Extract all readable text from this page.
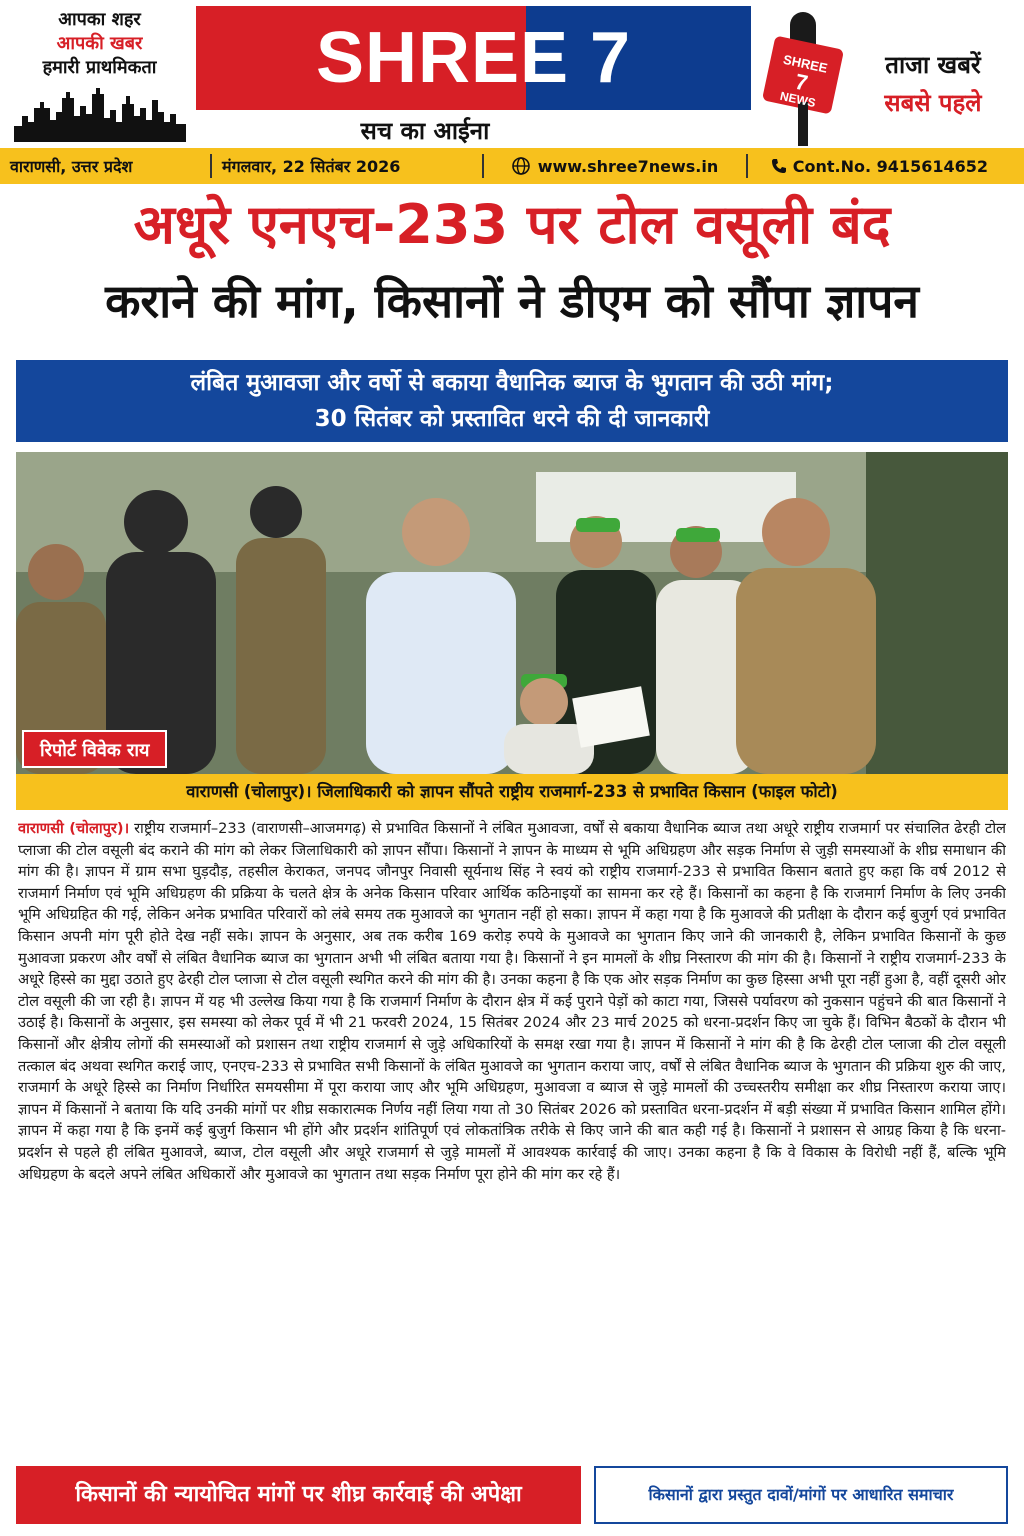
आपका शहर
आपकी खबर
हमारी प्राथमिकता	SHREE 7
सच का आईना
SHREE
7
NEWS
ताजा खबरें
सबसे पहले
वाराणसी, उत्तर प्रदेश	मंगलवार, 22 सितंबर 2026	www.shree7news.in	Cont.No. 9415614652
अधूरे एनएच-233 पर टोल वसूली बंद
कराने की मांग, किसानों ने डीएम को सौंपा ज्ञापन
लंबित मुआवजा और वर्षो से बकाया वैधानिक ब्याज के भुगतान की उठी मांग;
30 सितंबर को प्रस्तावित धरने की दी जानकारी
रिपोर्ट विवेक राय
वाराणसी (चोलापुर)। जिलाधिकारी को ज्ञापन सौंपते राष्ट्रीय राजमार्ग-233 से प्रभावित किसान (फाइल फोटो)
वाराणसी (चोलापुर)। राष्ट्रीय राजमार्ग–233 (वाराणसी–आजमगढ़) से प्रभावित किसानों ने लंबित मुआवजा, वर्षों से बकाया वैधानिक ब्याज तथा अधूरे राष्ट्रीय राजमार्ग पर संचालित ढेरही टोल प्लाजा की टोल वसूली बंद कराने की मांग को लेकर जिलाधिकारी को ज्ञापन सौंपा। किसानों ने ज्ञापन के माध्यम से भूमि अधिग्रहण और सड़क निर्माण से जुड़ी समस्याओं के शीघ्र समाधान की मांग की है। ज्ञापन में ग्राम सभा घुड़दौड़, तहसील केराकत, जनपद जौनपुर निवासी सूर्यनाथ सिंह ने स्वयं को राष्ट्रीय राजमार्ग-233 से प्रभावित किसान बताते हुए कहा कि वर्ष 2012 से राजमार्ग निर्माण एवं भूमि अधिग्रहण की प्रक्रिया के चलते क्षेत्र के अनेक किसान परिवार आर्थिक कठिनाइयों का सामना कर रहे हैं। किसानों का कहना है कि राजमार्ग निर्माण के लिए उनकी भूमि अधिग्रहित की गई, लेकिन अनेक प्रभावित परिवारों को लंबे समय तक मुआवजे का भुगतान नहीं हो सका। ज्ञापन में कहा गया है कि मुआवजे की प्रतीक्षा के दौरान कई बुजुर्ग एवं प्रभावित किसान अपनी मांग पूरी होते देख नहीं सके। ज्ञापन के अनुसार, अब तक करीब 169 करोड़ रुपये के मुआवजे का भुगतान किए जाने की जानकारी है, लेकिन प्रभावित किसानों के कुछ मुआवजा प्रकरण और वर्षों से लंबित वैधानिक ब्याज का भुगतान अभी भी लंबित बताया गया है। किसानों ने इन मामलों के शीघ्र निस्तारण की मांग की है। किसानों ने राष्ट्रीय राजमार्ग-233 के अधूरे हिस्से का मुद्दा उठाते हुए ढेरही टोल प्लाजा से टोल वसूली स्थगित करने की मांग की है। उनका कहना है कि एक ओर सड़क निर्माण का कुछ हिस्सा अभी पूरा नहीं हुआ है, वहीं दूसरी ओर टोल वसूली की जा रही है। ज्ञापन में यह भी उल्लेख किया गया है कि राजमार्ग निर्माण के दौरान क्षेत्र में कई पुराने पेड़ों को काटा गया, जिससे पर्यावरण को नुकसान पहुंचने की बात किसानों ने उठाई है। किसानों के अनुसार, इस समस्या को लेकर पूर्व में भी 21 फरवरी 2024, 15 सितंबर 2024 और 23 मार्च 2025 को धरना-प्रदर्शन किए जा चुके हैं। विभिन बैठकों के दौरान भी किसानों और क्षेत्रीय लोगों की समस्याओं को प्रशासन तथा राष्ट्रीय राजमार्ग से जुड़े अधिकारियों के समक्ष रखा गया है। ज्ञापन में किसानों ने मांग की है कि ढेरही टोल प्लाजा की टोल वसूली तत्काल बंद अथवा स्थगित कराई जाए, एनएच-233 से प्रभावित सभी किसानों के लंबित मुआवजे का भुगतान कराया जाए, वर्षों से लंबित वैधानिक ब्याज के भुगतान की प्रक्रिया शुरु की जाए, राजमार्ग के अधूरे हिस्से का निर्माण निर्धारित समयसीमा में पूरा कराया जाए और भूमि अधिग्रहण, मुआवजा व ब्याज से जुड़े मामलों की उच्चस्तरीय समीक्षा कर शीघ्र निस्तारण कराया जाए। ज्ञापन में किसानों ने बताया कि यदि उनकी मांगों पर शीघ्र सकारात्मक निर्णय नहीं लिया गया तो 30 सितंबर 2026 को प्रस्तावित धरना-प्रदर्शन में बड़ी संख्या में प्रभावित किसान शामिल होंगे। ज्ञापन में कहा गया है कि इनमें कई बुजुर्ग किसान भी होंगे और प्रदर्शन शांतिपूर्ण एवं लोकतांत्रिक तरीके से किए जाने की बात कही गई है। किसानों ने प्रशासन से आग्रह किया है कि धरना-प्रदर्शन से पहले ही लंबित मुआवजे, ब्याज, टोल वसूली और अधूरे राजमार्ग से जुड़े मामलों में आवश्यक कार्रवाई की जाए। उनका कहना है कि वे विकास के विरोधी नहीं हैं, बल्कि भूमि अधिग्रहण के बदले अपने लंबित अधिकारों और मुआवजे का भुगतान तथा सड़क निर्माण पूरा होने की मांग कर रहे हैं।
किसानों की न्यायोचित मांगों पर शीघ्र कार्रवाई की अपेक्षा	किसानों द्वारा प्रस्तुत दावों/मांगों पर आधारित समाचार
